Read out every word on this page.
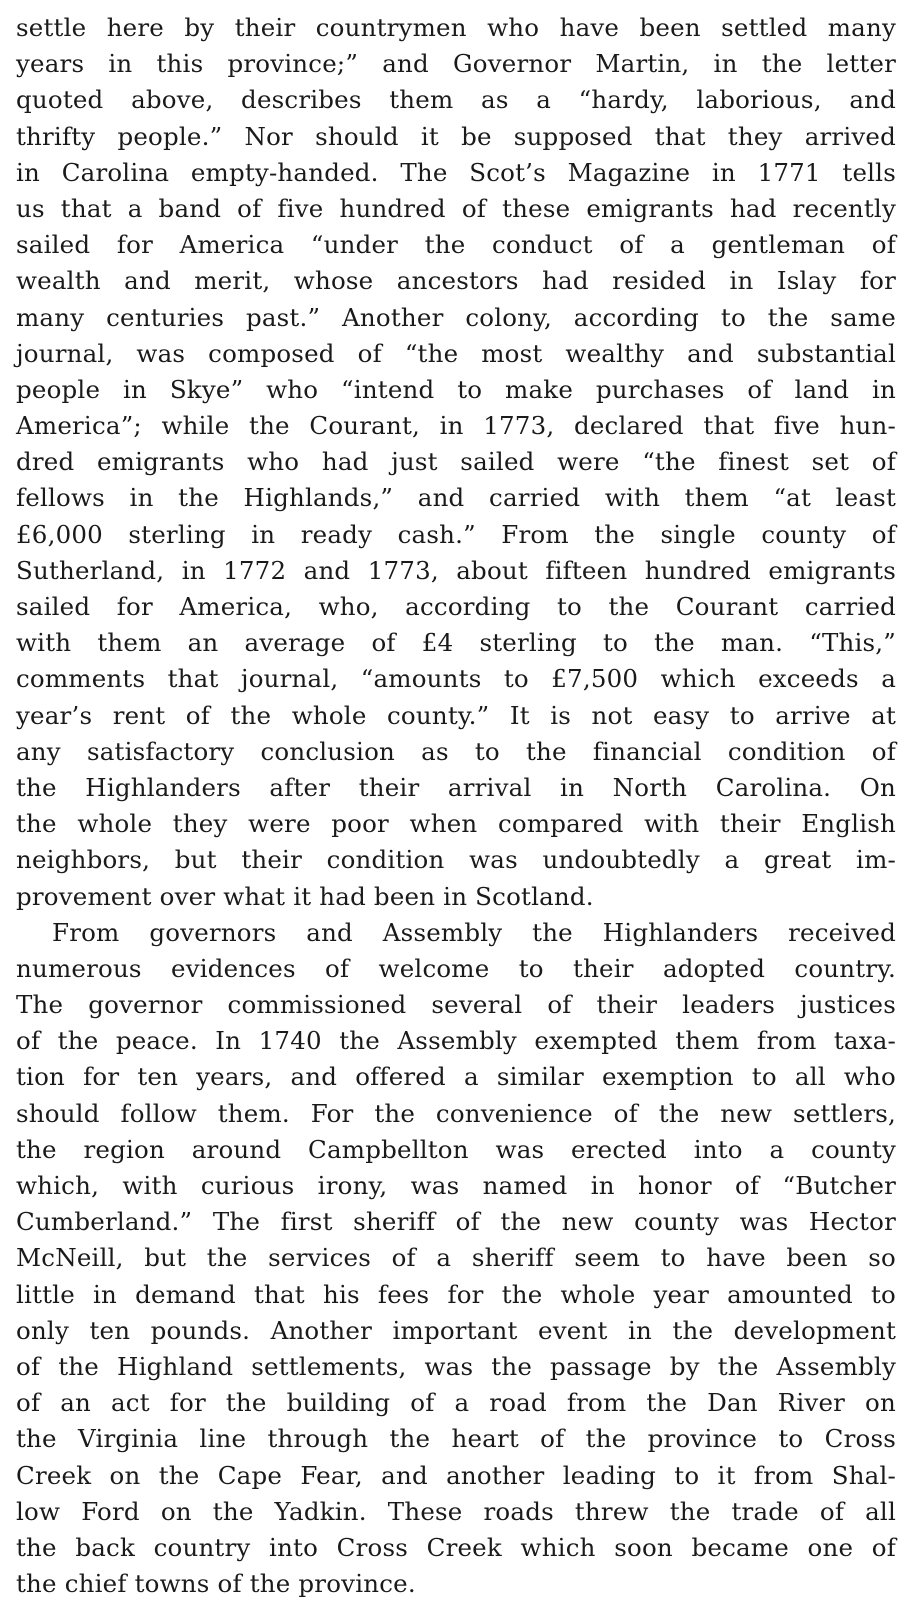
settle here by their countrymen who have been settled many
years in this province;” and Governor Martin, in the letter
quoted above, describes them as a “hardy, laborious, and
thrifty people.” Nor should it be supposed that they arrived
in Carolina empty-handed. The Scot’s Magazine in 1771 tells
us that a band of five hundred of these emigrants had recently
sailed for America “under the conduct of a gentleman of
wealth and merit, whose ancestors had resided in Islay for
many centuries past.” Another colony, according to the same
journal, was composed of “the most wealthy and substantial
people in Skye” who “intend to make purchases of land in
America”; while the Courant, in 1773, declared that five hun-
dred emigrants who had just sailed were “the finest set of
fellows in the Highlands,” and carried with them “at least
£6,000 sterling in ready cash.” From the single county of
Sutherland, in 1772 and 1773, about fifteen hundred emigrants
sailed for America, who, according to the Courant carried
with them an average of £4 sterling to the man. “This,”
comments that journal, “amounts to £7,500 which exceeds a
year’s rent of the whole county.” It is not easy to arrive at
any satisfactory conclusion as to the financial condition of
the Highlanders after their arrival in North Carolina. On
the whole they were poor when compared with their English
neighbors, but their condition was undoubtedly a great im-
provement over what it had been in Scotland.
From governors and Assembly the Highlanders received
numerous evidences of welcome to their adopted country.
The governor commissioned several of their leaders justices
of the peace. In 1740 the Assembly exempted them from taxa-
tion for ten years, and offered a similar exemption to all who
should follow them. For the convenience of the new settlers,
the region around Campbellton was erected into a county
which, with curious irony, was named in honor of “Butcher
Cumberland.” The first sheriff of the new county was Hector
McNeill, but the services of a sheriff seem to have been so
little in demand that his fees for the whole year amounted to
only ten pounds. Another important event in the development
of the Highland settlements, was the passage by the Assembly
of an act for the building of a road from the Dan River on
the Virginia line through the heart of the province to Cross
Creek on the Cape Fear, and another leading to it from Shal-
low Ford on the Yadkin. These roads threw the trade of all
the back country into Cross Creek which soon became one of
the chief towns of the province.
